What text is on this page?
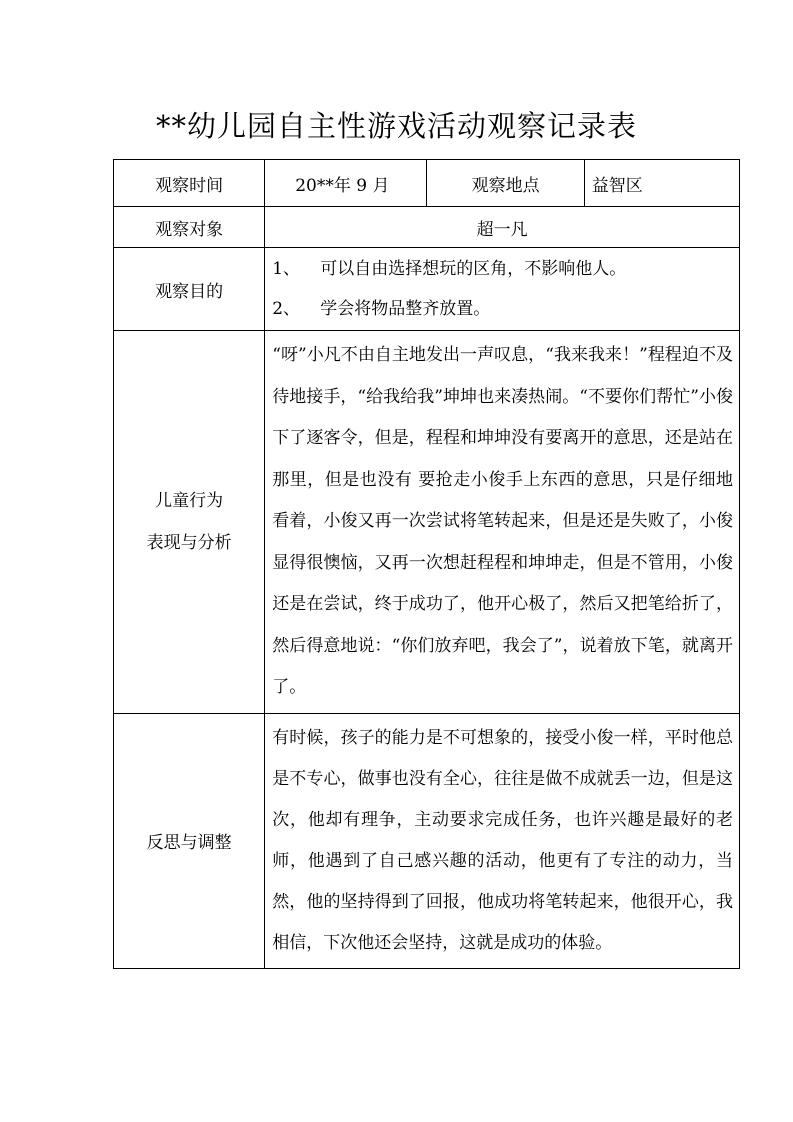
**幼儿园自主性游戏活动观察记录表
观察时间	20**年 9 月	观察地点	益智区
观察对象	超一凡		
观察目的	1、 可以自由选择想玩的区角，不影响他人。
2、 学会将物品整齐放置。		

儿童行为
表现与分析	“呀”小凡不由自主地发出一声叹息，“我来我来！”程程迫不及待地接手，“给我给我”坤坤也来凑热闹。“不要你们帮忙”小俊下了逐客令，但是，程程和坤坤没有要离开的意思，还是站在那里，但是也没有 要抢走小俊手上东西的意思，只是仔细地看着，小俊又再一次尝试将笔转起来，但是还是失败了，小俊显得很懊恼，又再一次想赶程程和坤坤走，但是不管用，小俊还是在尝试，终于成功了，他开心极了，然后又把笔给折了，然后得意地说：“你们放弃吧，我会了”，说着放下笔，就离开了。		

反思与调整	有时候，孩子的能力是不可想象的，接受小俊一样，平时他总是不专心，做事也没有全心，往往是做不成就丢一边，但是这次，他却有理争，主动要求完成任务，也许兴趣是最好的老师，他遇到了自己感兴趣的活动，他更有了专注的动力，当然，他的坚持得到了回报，他成功将笔转起来，他很开心，我相信，下次他还会坚持，这就是成功的体验。		
